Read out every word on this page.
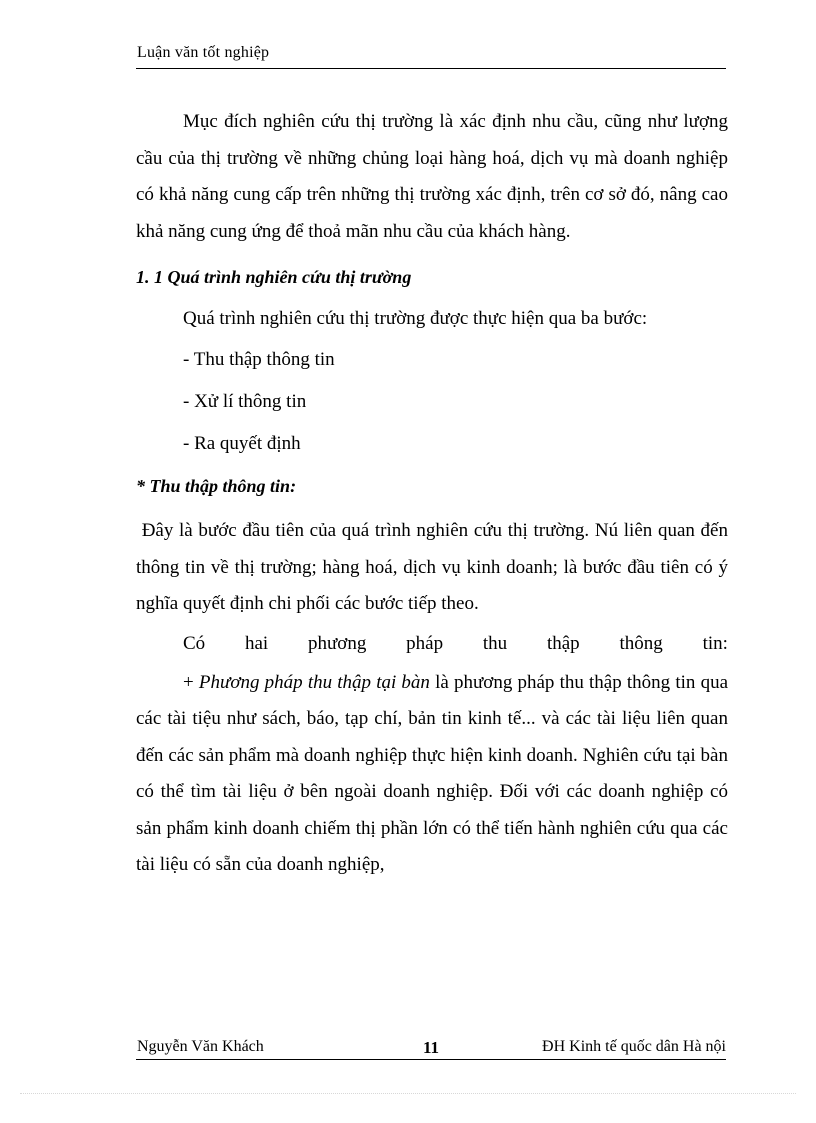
Luận văn tốt nghiệp

Mục đích nghiên cứu thị trường là xác định nhu cầu, cũng như lượng cầu của thị trường về những chủng loại hàng hoá, dịch vụ mà doanh nghiệp có khả năng cung cấp trên những thị trường xác định, trên cơ sở đó, nâng cao khả năng cung ứng để thoả mãn nhu cầu của khách hàng.

1. 1 Quá trình nghiên cứu thị trường

Quá trình nghiên cứu thị trường được thực hiện qua ba bước:

- Thu thập thông tin

- Xử lí thông tin

- Ra quyết định

* Thu thập thông tin:

Đây là bước đầu tiên của quá trình nghiên cứu thị trường. Nú liên quan đến thông tin về thị trường; hàng hoá, dịch vụ kinh doanh; là bước đầu tiên có ý nghĩa quyết định chi phối các bước tiếp theo.

Có hai phương pháp thu thập thông tin:

+ Phương pháp thu thập tại bàn là phương pháp thu thập thông tin qua các tài tiệu như sách, báo, tạp chí, bản tin kinh tế... và các tài liệu liên quan đến các sản phẩm mà doanh nghiệp thực hiện kinh doanh. Nghiên cứu tại bàn có thể tìm tài liệu ở bên ngoài doanh nghiệp. Đối với các doanh nghiệp có sản phẩm kinh doanh chiếm thị phần lớn có thể tiến hành nghiên cứu qua các tài liệu có sẵn của doanh nghiệp,

Nguyễn Văn Khách	11	ĐH Kinh tế quốc dân Hà nội
